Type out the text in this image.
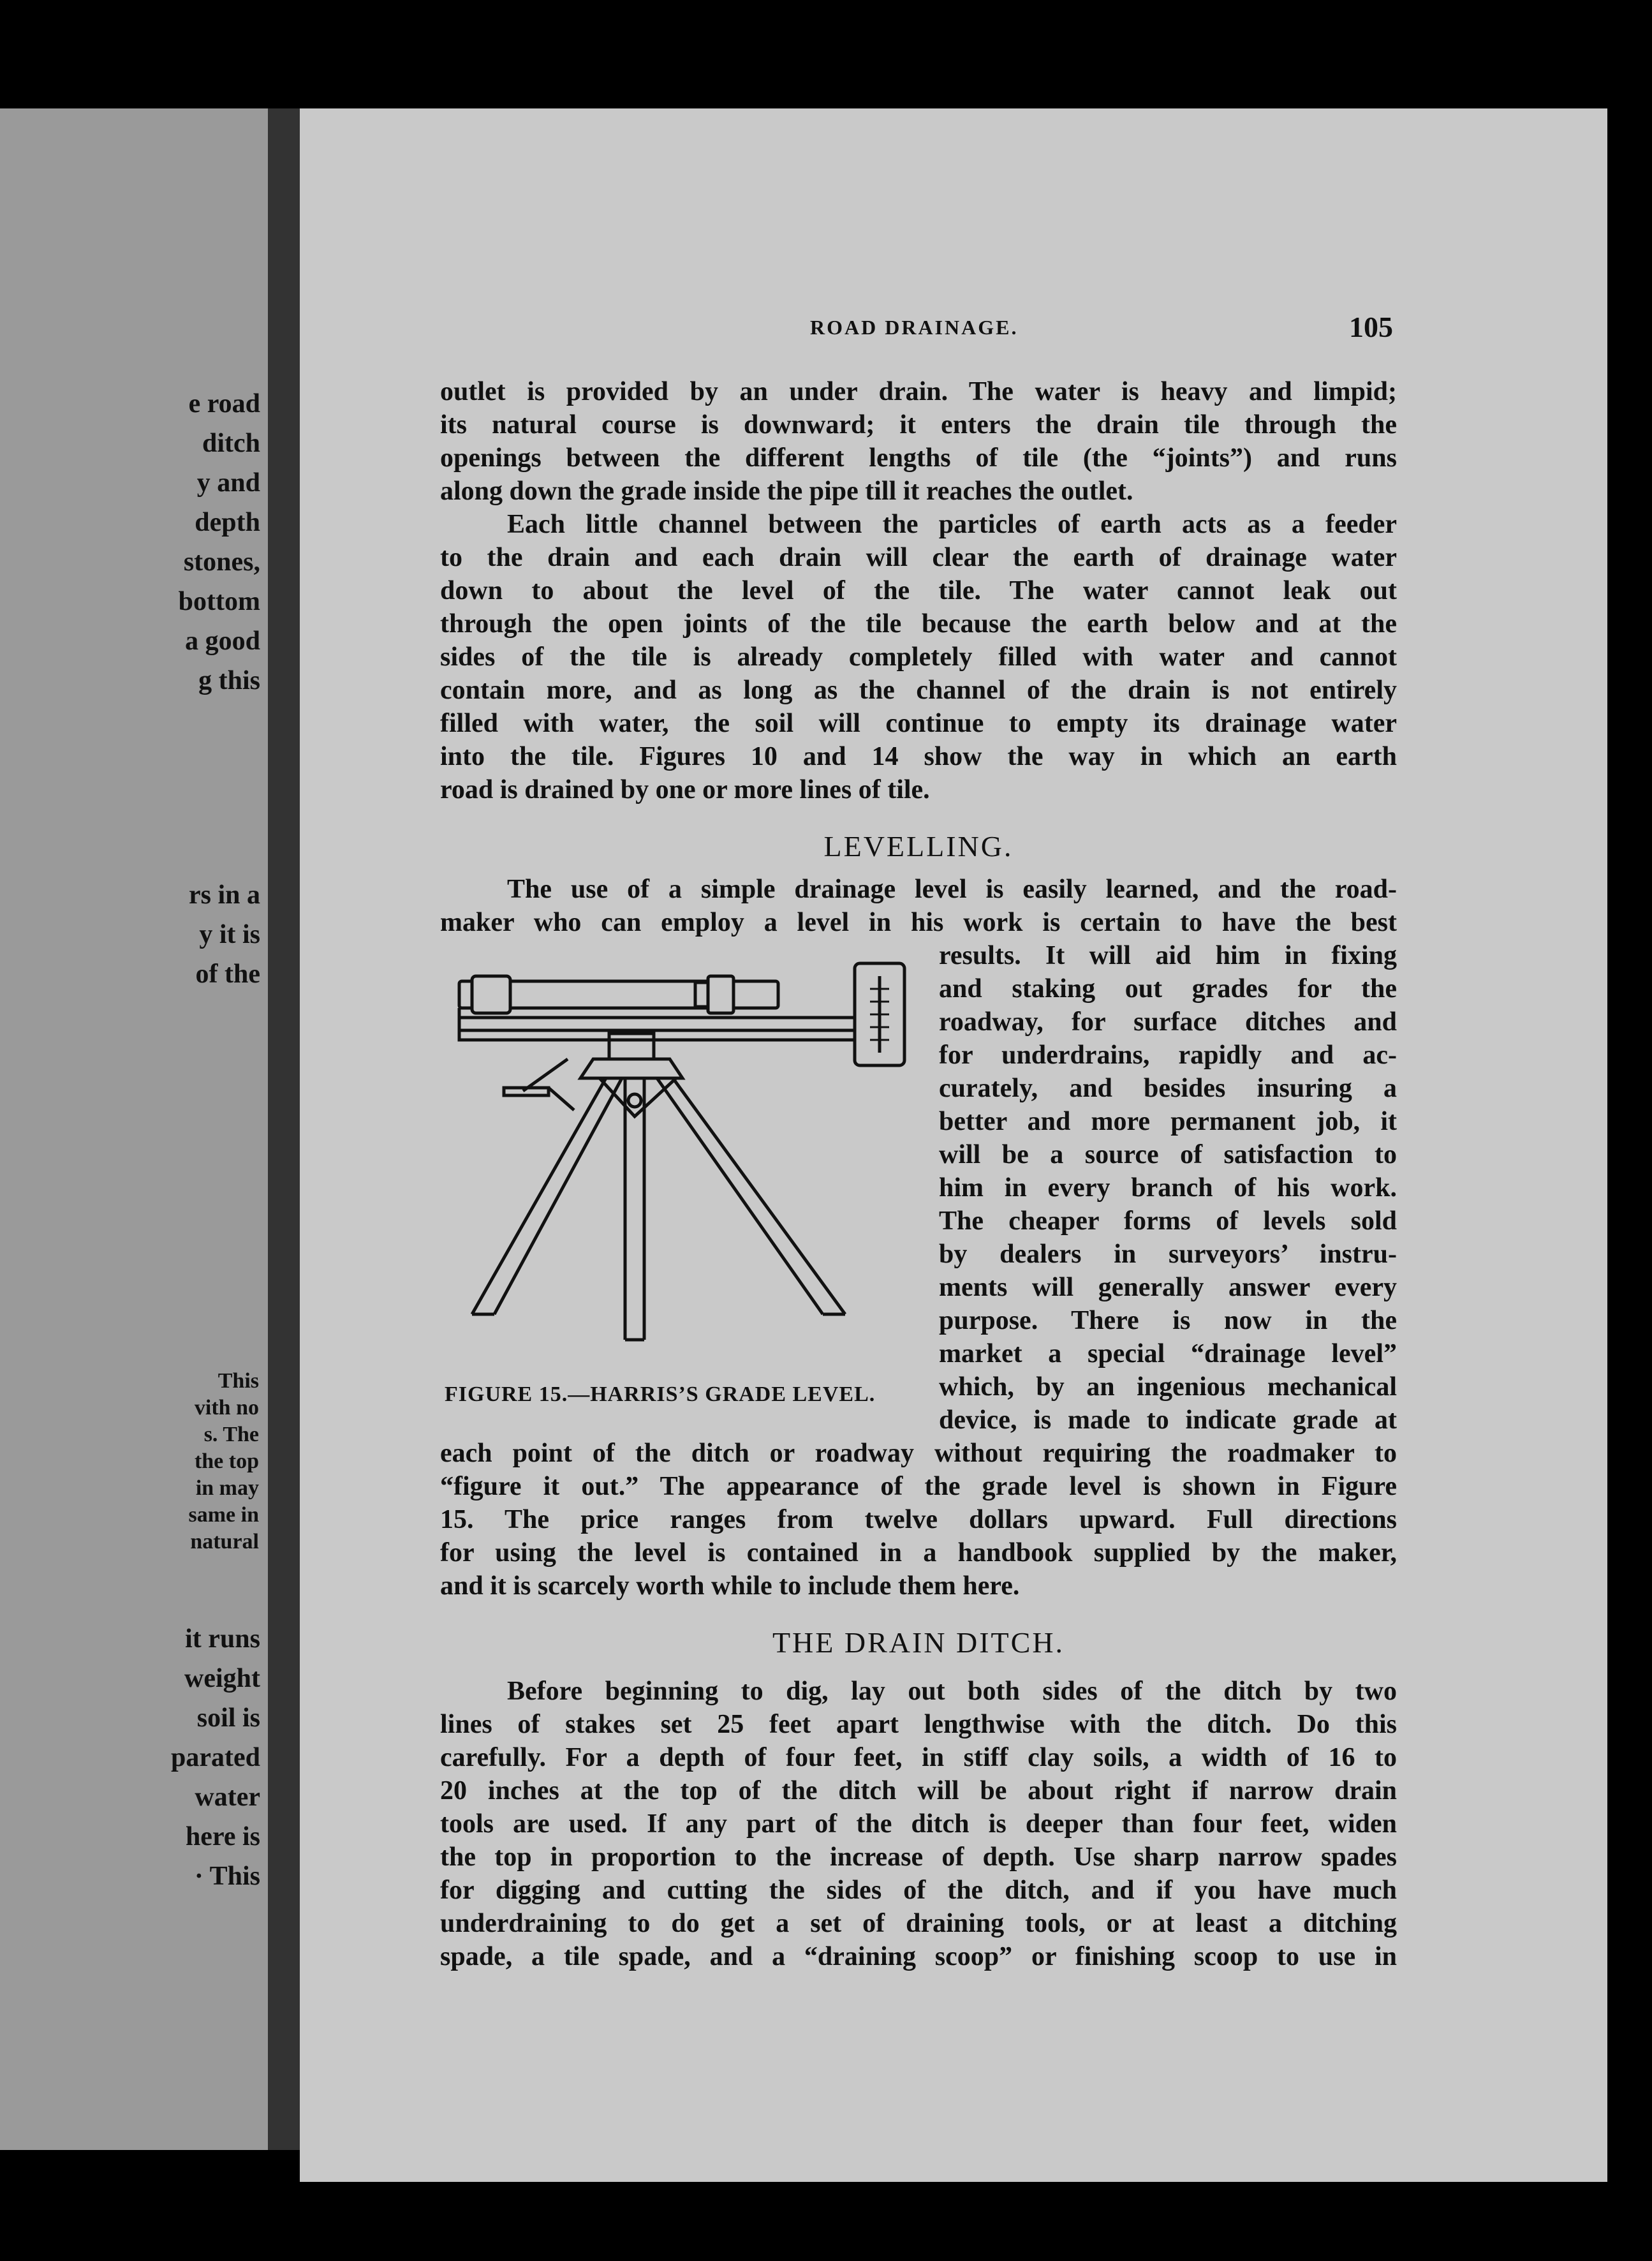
e road
ditch
y and
depth
stones,
bottom
a good
g this
rs in a
y it is
of the
This
vith no
s. The
the top
in may
same in
natural
it runs
weight
soil is
parated
water
here is
· This
ROAD DRAINAGE.	105
outlet is provided by an under drain. The water is heavy and limpid;
its natural course is downward; it enters the drain tile through the
openings between the different lengths of tile (the “joints”) and runs
along down the grade inside the pipe till it reaches the outlet.
Each little channel between the particles of earth acts as a feeder
to the drain and each drain will clear the earth of drainage water
down to about the level of the tile. The water cannot leak out
through the open joints of the tile because the earth below and at the
sides of the tile is already completely filled with water and cannot
contain more, and as long as the channel of the drain is not entirely
filled with water, the soil will continue to empty its drainage water
into the tile. Figures 10 and 14 show the way in which an earth
road is drained by one or more lines of tile.
LEVELLING.
The use of a simple drainage level is easily learned, and the road-
maker who can employ a level in his work is certain to have the best
results. It will aid him in fixing
and staking out grades for the
roadway, for surface ditches and
for underdrains, rapidly and ac-
curately, and besides insuring a
better and more permanent job, it
will be a source of satisfaction to
him in every branch of his work.
The cheaper forms of levels sold
by dealers in surveyors’ instru-
ments will generally answer every
purpose. There is now in the
market a special “drainage level”
which, by an ingenious mechanical
device, is made to indicate grade at
FIGURE 15.—HARRIS’S GRADE LEVEL.
each point of the ditch or roadway without requiring the roadmaker to
“figure it out.” The appearance of the grade level is shown in Figure
15. The price ranges from twelve dollars upward. Full directions
for using the level is contained in a handbook supplied by the maker,
and it is scarcely worth while to include them here.
THE DRAIN DITCH.
Before beginning to dig, lay out both sides of the ditch by two
lines of stakes set 25 feet apart lengthwise with the ditch. Do this
carefully. For a depth of four feet, in stiff clay soils, a width of 16 to
20 inches at the top of the ditch will be about right if narrow drain
tools are used. If any part of the ditch is deeper than four feet, widen
the top in proportion to the increase of depth. Use sharp narrow spades
for digging and cutting the sides of the ditch, and if you have much
underdraining to do get a set of draining tools, or at least a ditching
spade, a tile spade, and a “draining scoop” or finishing scoop to use in
